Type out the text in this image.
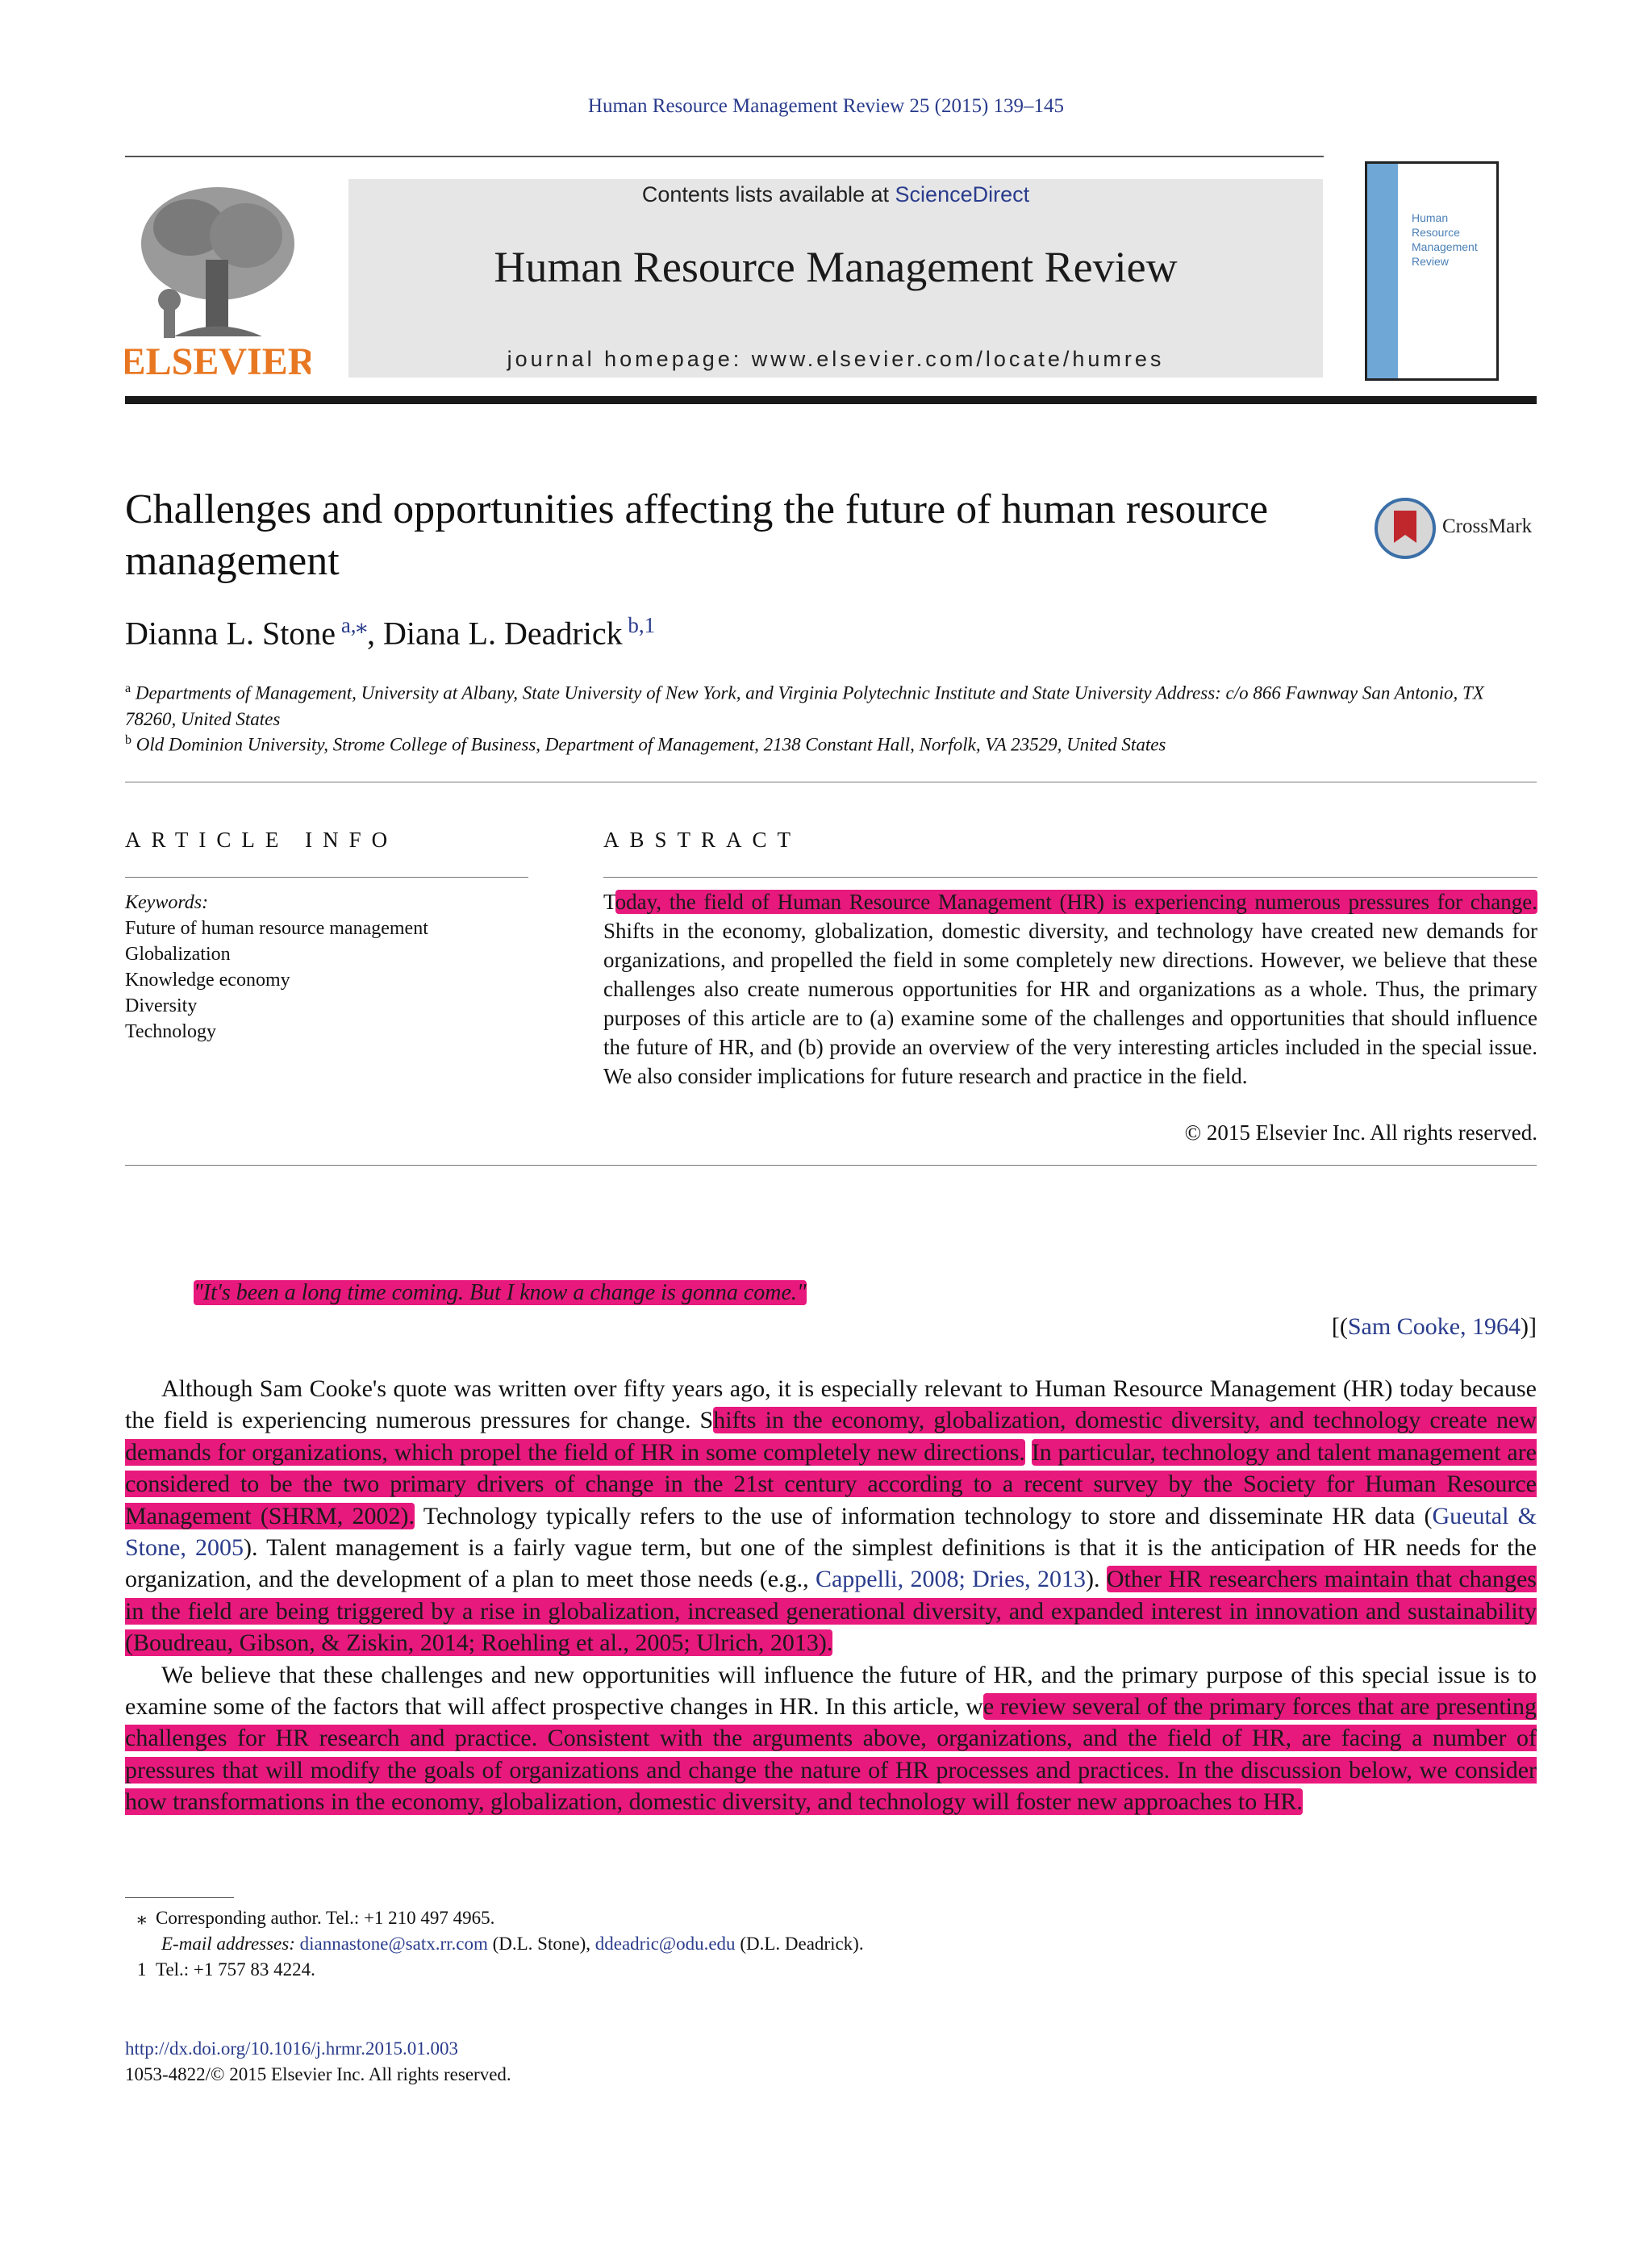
Human Resource Management Review 25 (2015) 139–145
ELSEVIER
Contents lists available at ScienceDirect
Human Resource Management Review
journal homepage: www.elsevier.com/locate/humres
Human Resource
Management
Review
Challenges and opportunities affecting the future of human resource management
CrossMark
Dianna L. Stone $^{a,⁎}$, Diana L. Deadrick $^{b,1}$
$^a$ Departments of Management, University at Albany, State University of New York, and Virginia Polytechnic Institute and State University Address: c/o 866 Fawnway San Antonio, TX 78260, United States
$^b$ Old Dominion University, Strome College of Business, Department of Management, 2138 Constant Hall, Norfolk, VA 23529, United States
ARTICLE INFO
Keywords:
Future of human resource management
Globalization
Knowledge economy
Diversity
Technology
ABSTRACT
Today, the field of Human Resource Management (HR) is experiencing numerous pressures for change. Shifts in the economy, globalization, domestic diversity, and technology have created new demands for organizations, and propelled the field in some completely new directions. However, we believe that these challenges also create numerous opportunities for HR and organizations as a whole. Thus, the primary purposes of this article are to (a) examine some of the challenges and opportunities that should influence the future of HR, and (b) provide an overview of the very interesting articles included in the special issue. We also consider implications for future research and practice in the field.
© 2015 Elsevier Inc. All rights reserved.
"It's been a long time coming. But I know a change is gonna come."
[(Sam Cooke, 1964)]

Although Sam Cooke's quote was written over fifty years ago, it is especially relevant to Human Resource Management (HR) today because the field is experiencing numerous pressures for change. Shifts in the economy, globalization, domestic diversity, and technology create new demands for organizations, which propel the field of HR in some completely new directions. In particular, technology and talent management are considered to be the two primary drivers of change in the 21st century according to a recent survey by the Society for Human Resource Management (SHRM, 2002). Technology typically refers to the use of information technology to store and disseminate HR data (Gueutal & Stone, 2005). Talent management is a fairly vague term, but one of the simplest definitions is that it is the anticipation of HR needs for the organization, and the development of a plan to meet those needs (e.g., Cappelli, 2008; Dries, 2013). Other HR researchers maintain that changes in the field are being triggered by a rise in globalization, increased generational diversity, and expanded interest in innovation and sustainability (Boudreau, Gibson, & Ziskin, 2014; Roehling et al., 2005; Ulrich, 2013).

We believe that these challenges and new opportunities will influence the future of HR, and the primary purpose of this special issue is to examine some of the factors that will affect prospective changes in HR. In this article, we review several of the primary forces that are presenting challenges for HR research and practice. Consistent with the arguments above, organizations, and the field of HR, are facing a number of pressures that will modify the goals of organizations and change the nature of HR processes and practices. In the discussion below, we consider how transformations in the economy, globalization, domestic diversity, and technology will foster new approaches to HR.

⁎ Corresponding author. Tel.: +1 210 497 4965.
E-mail addresses: diannastone@satx.rr.com (D.L. Stone), ddeadric@odu.edu (D.L. Deadrick).
1 Tel.: +1 757 83 4224.
http://dx.doi.org/10.1016/j.hrmr.2015.01.003
1053-4822/© 2015 Elsevier Inc. All rights reserved.
